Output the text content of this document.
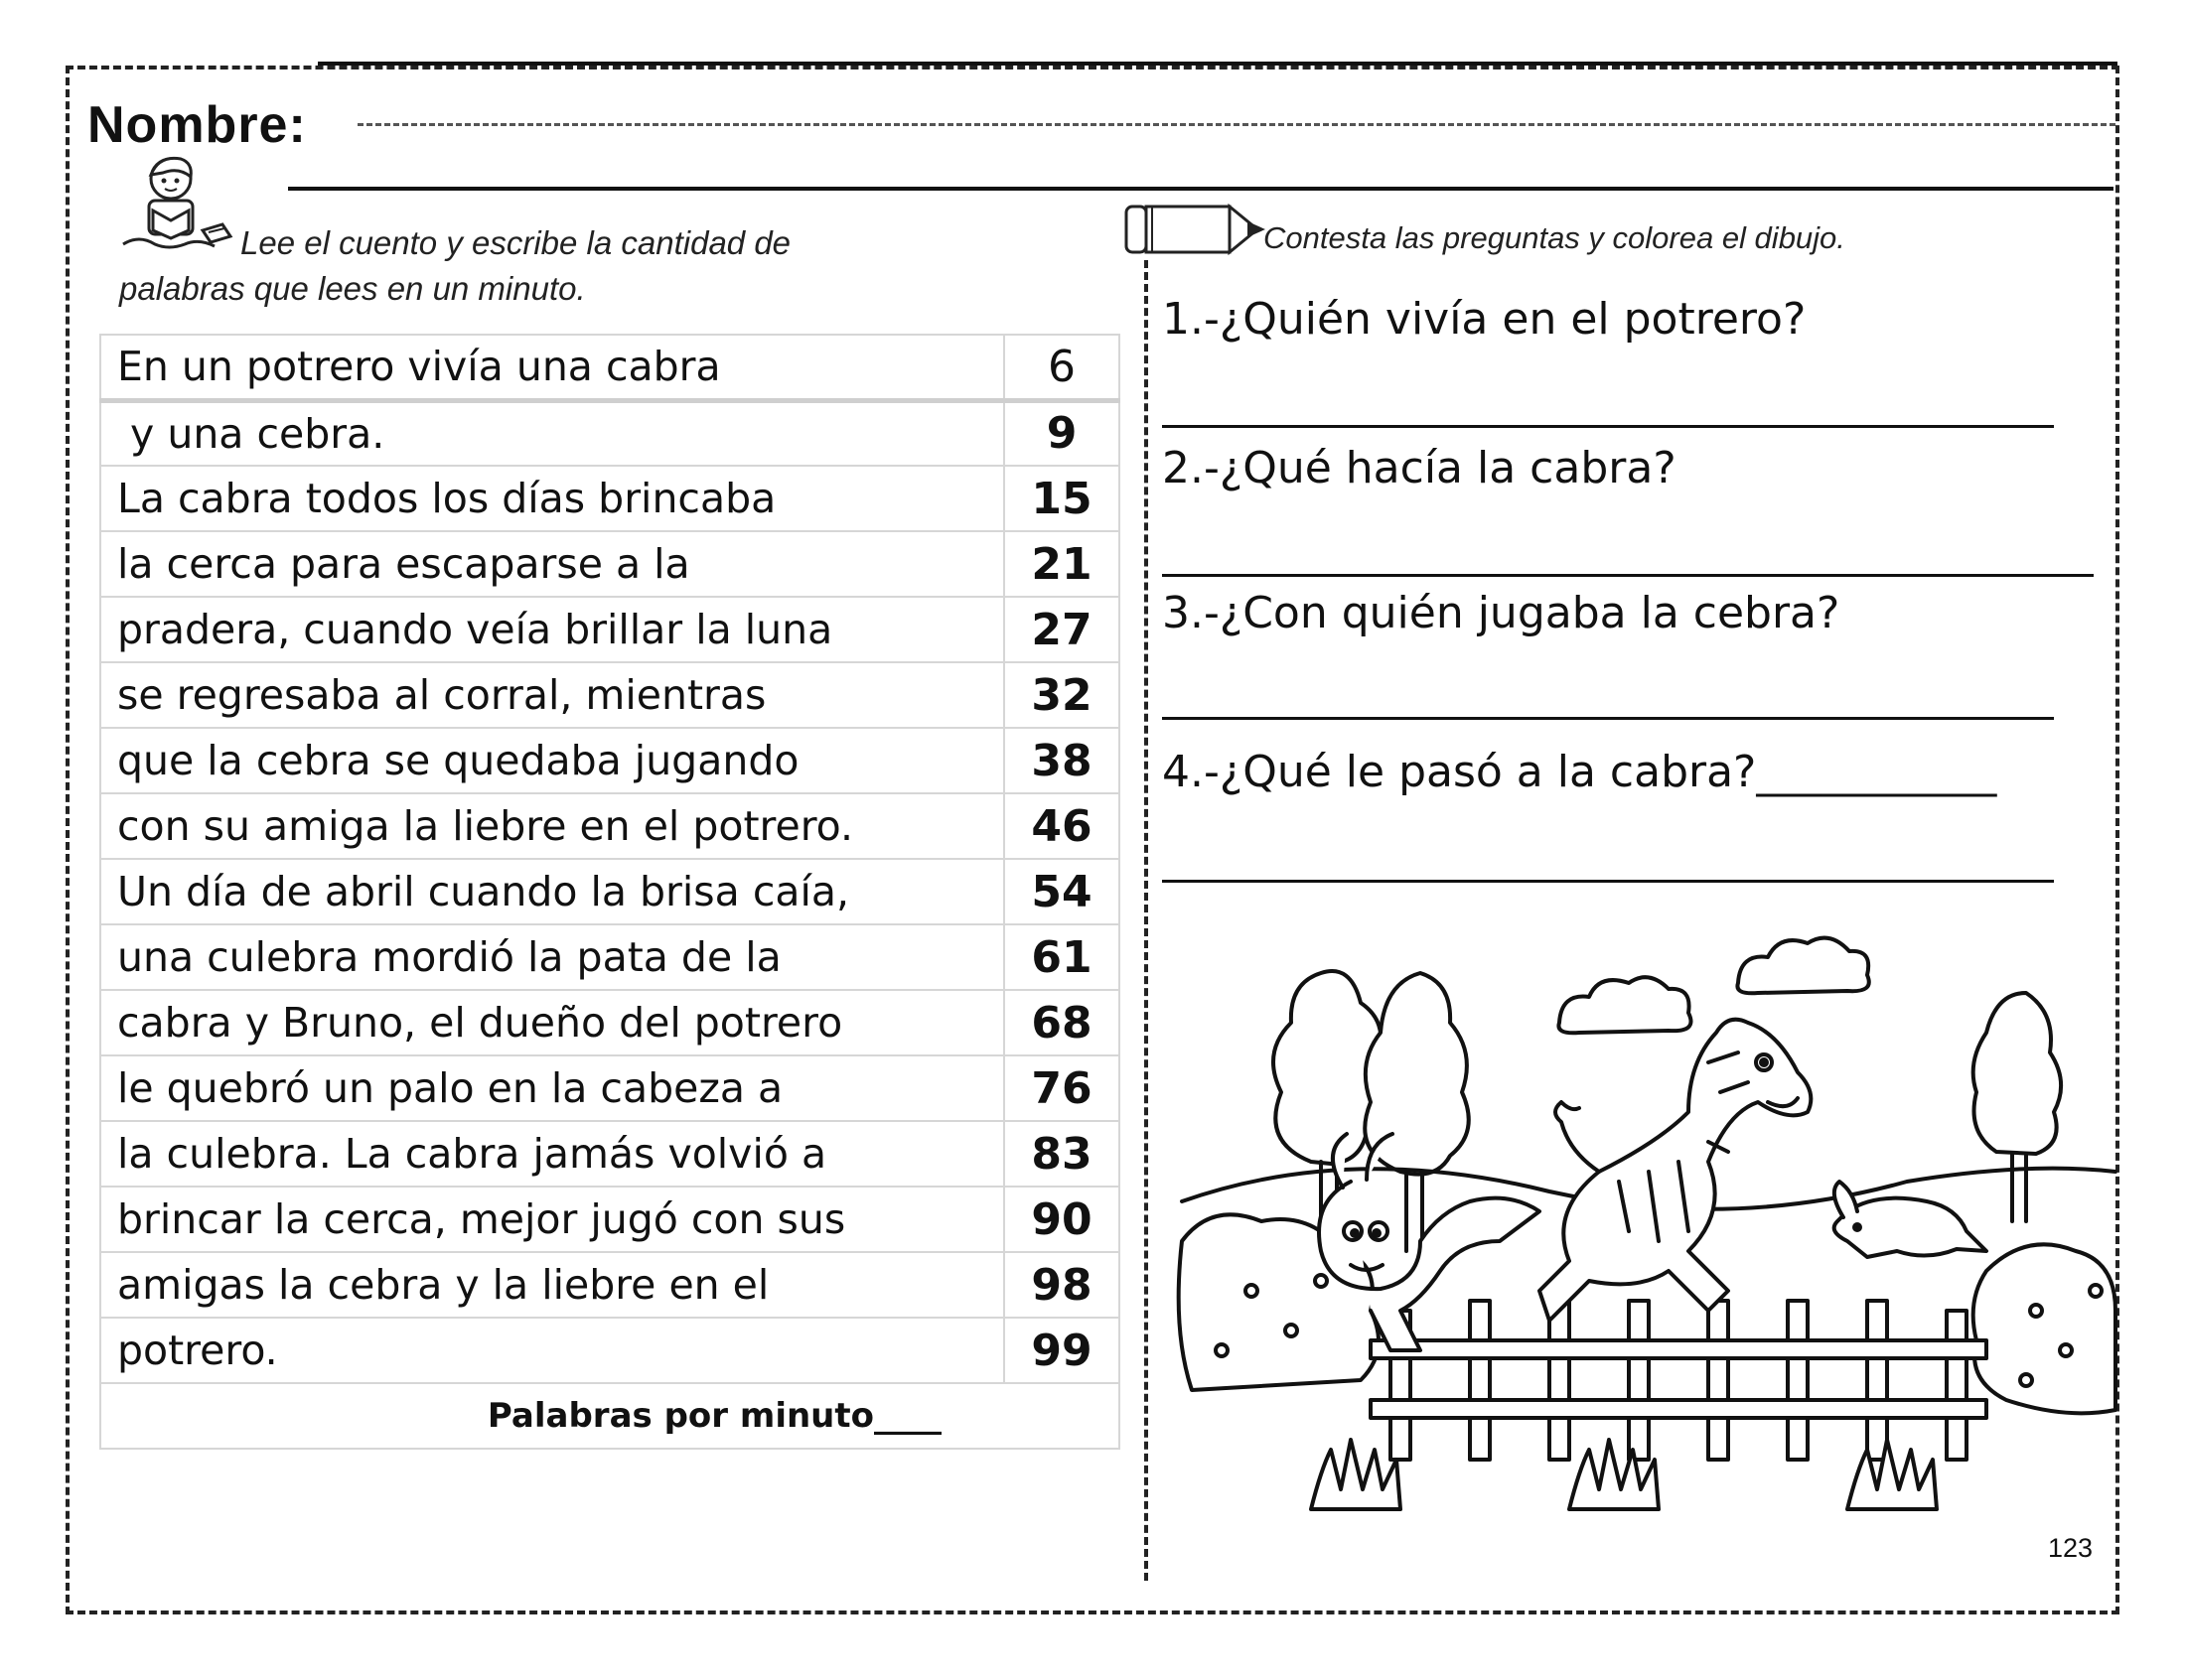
Nombre:
Lee el cuento y escribe la cantidad de
palabras que lees en un minuto.
En un potrero vivía una cabra	6
y una cebra.	9
La cabra todos los días brincaba	15
la cerca para escaparse a la	21
pradera, cuando veía brillar la luna	27
se regresaba al corral, mientras	32
que la cebra se quedaba jugando	38
con su amiga la liebre en el potrero.	46
Un día de abril cuando la brisa caía,	54
una culebra mordió la pata de la	61
cabra y Bruno, el dueño del potrero	68
le quebró un palo en la cabeza a	76
la culebra. La cabra jamás volvió a	83
brincar la cerca, mejor jugó con sus	90
amigas la cebra y la liebre en el	98
potrero.	99
Palabras por minuto____	
Contesta las preguntas y colorea el dibujo.
1.-¿Quién vivía en el potrero?
2.-¿Qué hacía la cabra?
3.-¿Con quién jugaba la cebra?
4.-¿Qué le pasó a la cabra?___________
123
